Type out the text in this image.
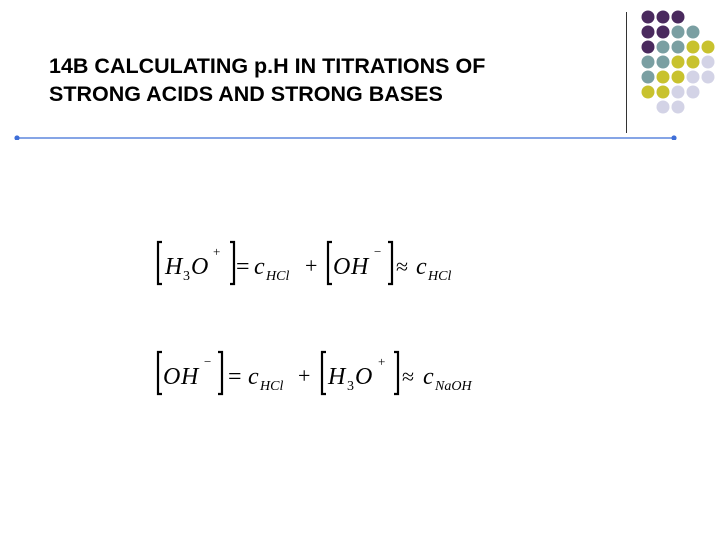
14B CALCULATING p.H IN TITRATIONS OF
STRONG ACIDS AND STRONG BASES
H 3 O
+
= c HCl + O H
−
≈ c HCl
O H
−
= c HCl + H 3 O
+
≈ c NaOH
